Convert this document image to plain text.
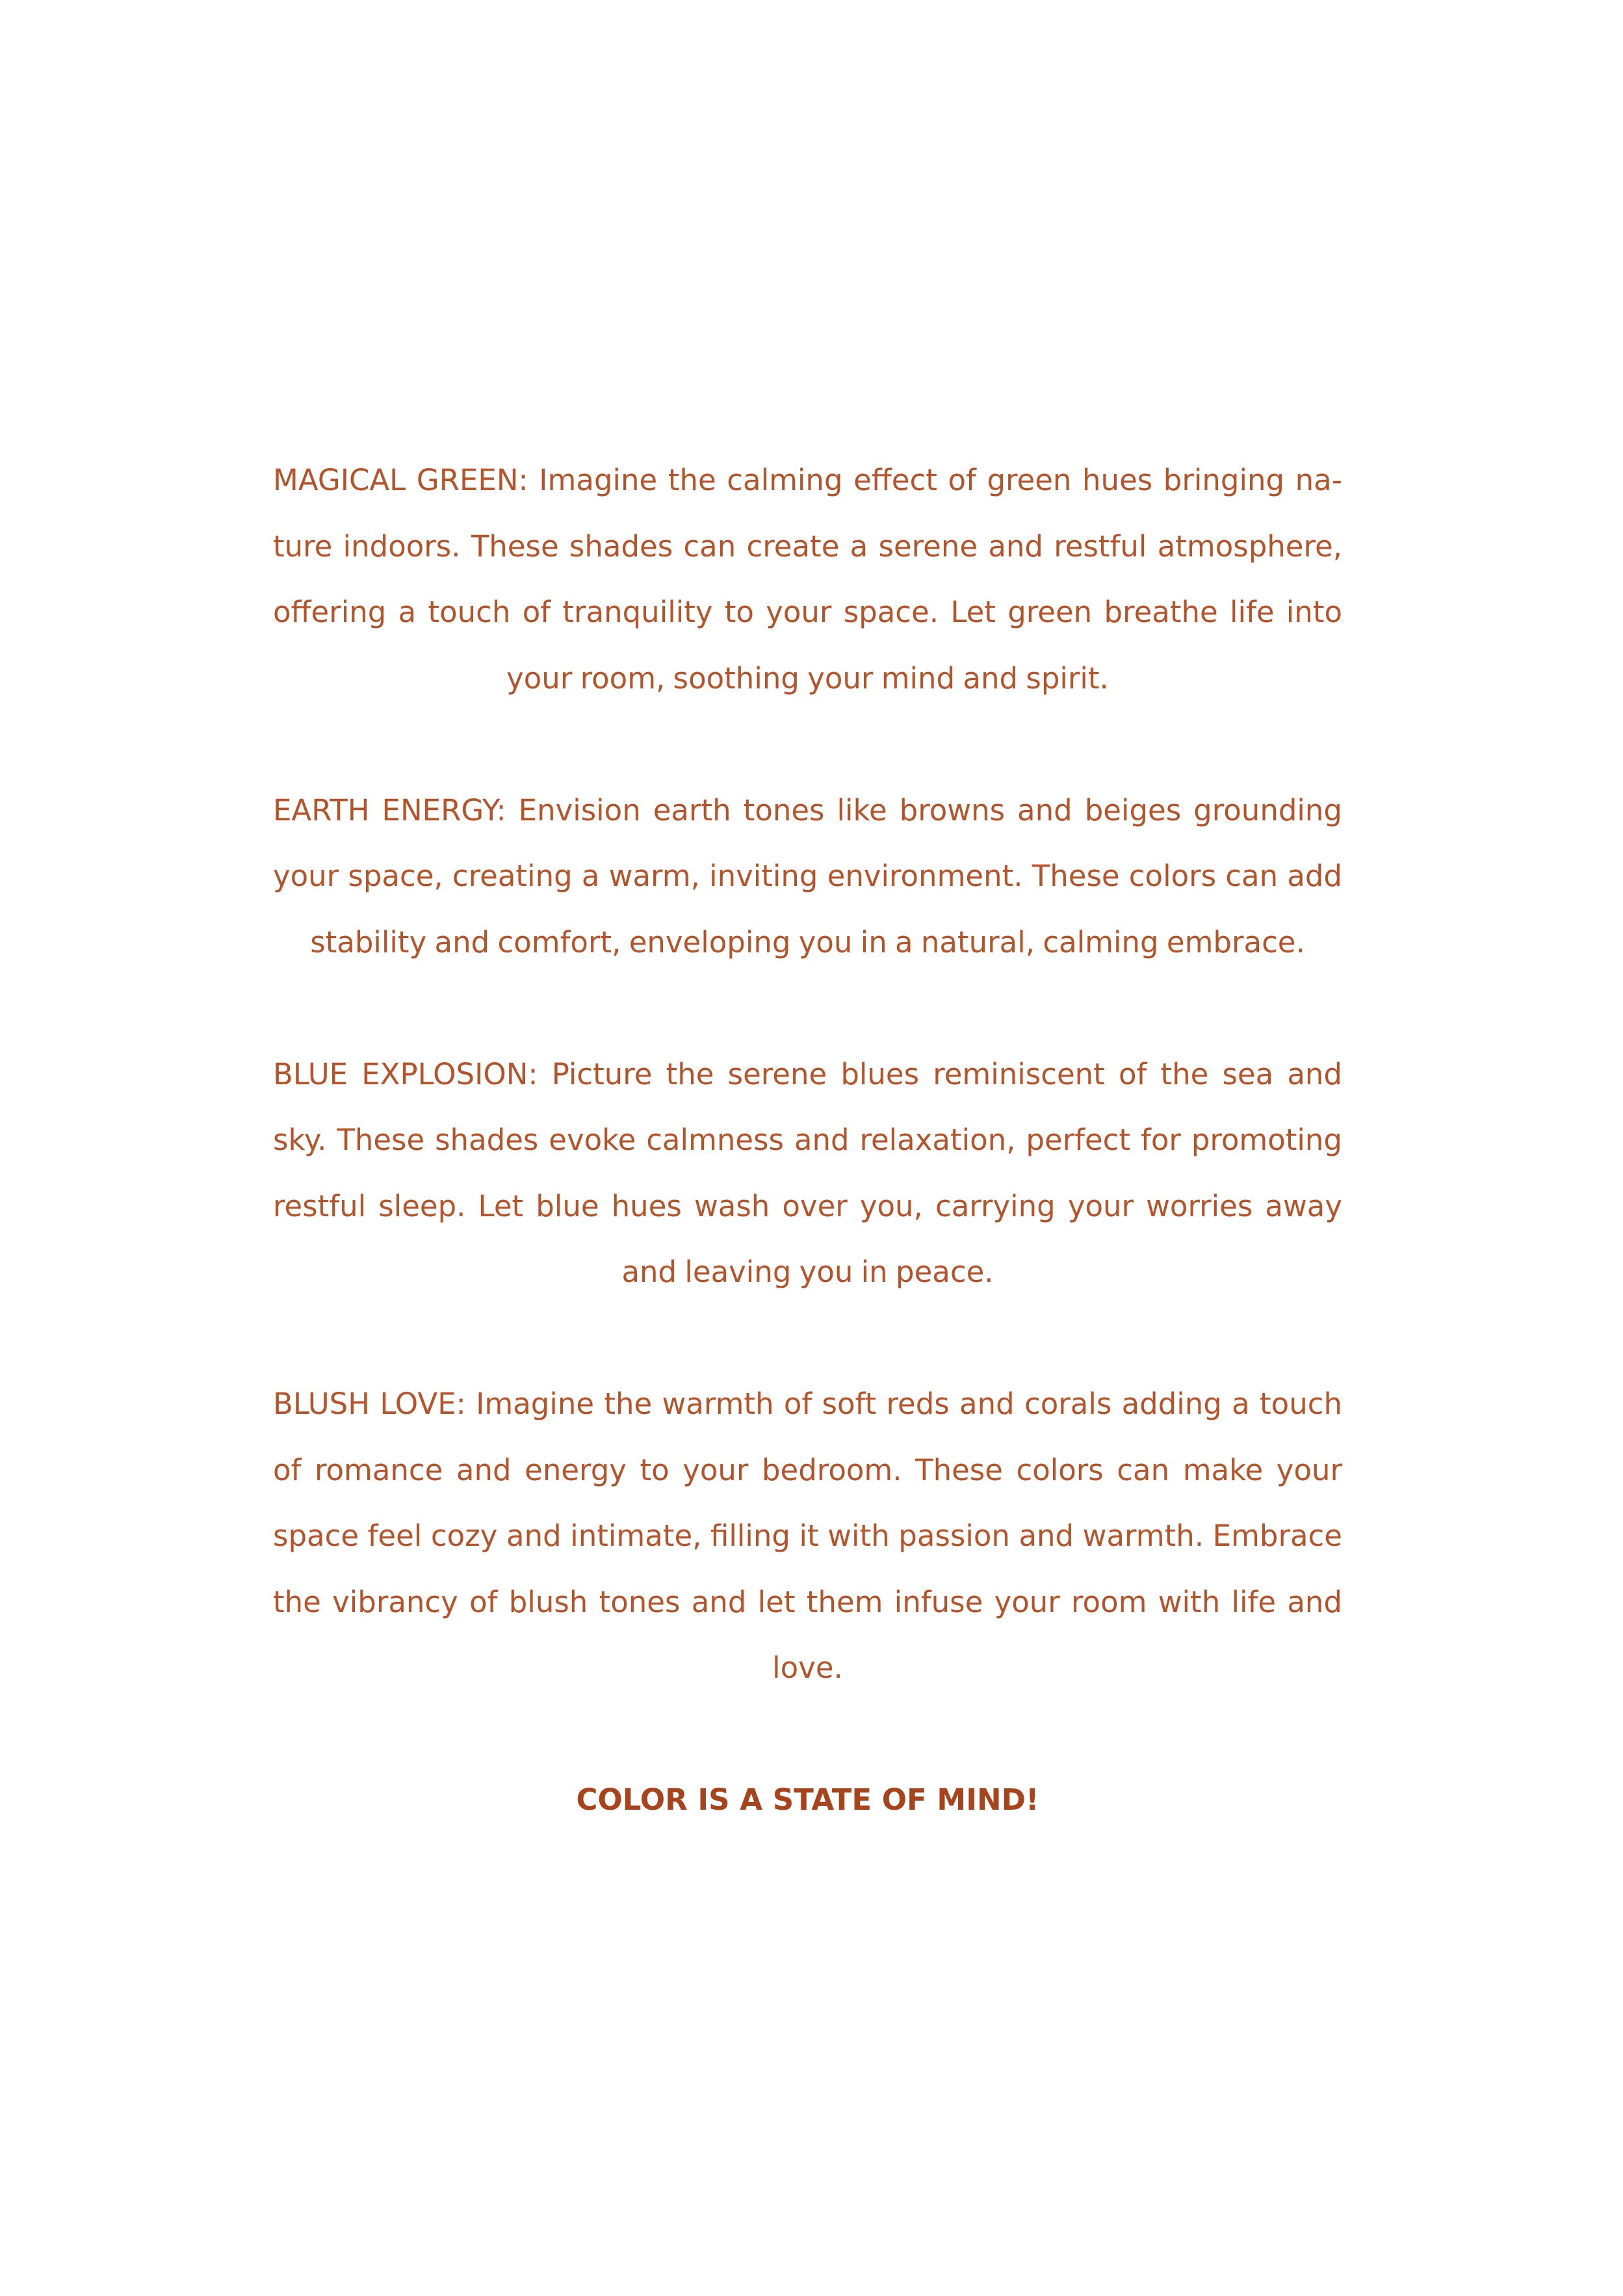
MAGICAL GREEN: Imagine the calming effect of green hues bringing nature indoors. These shades can create a serene and restful atmosphere, offering a touch of tranquility to your space. Let green breathe life into your room, soothing your mind and spirit.

EARTH ENERGY: Envision earth tones like browns and beiges grounding your space, creating a warm, inviting environment. These colors can add stability and comfort, enveloping you in a natural, calming embrace.

BLUE EXPLOSION: Picture the serene blues reminiscent of the sea and sky. These shades evoke calmness and relaxation, perfect for promoting restful sleep. Let blue hues wash over you, carrying your worries away and leaving you in peace.

BLUSH LOVE: Imagine the warmth of soft reds and corals adding a touch of romance and energy to your bedroom. These colors can make your space feel cozy and intimate, filling it with passion and warmth. Embrace the vibrancy of blush tones and let them infuse your room with life and love.

COLOR IS A STATE OF MIND!
